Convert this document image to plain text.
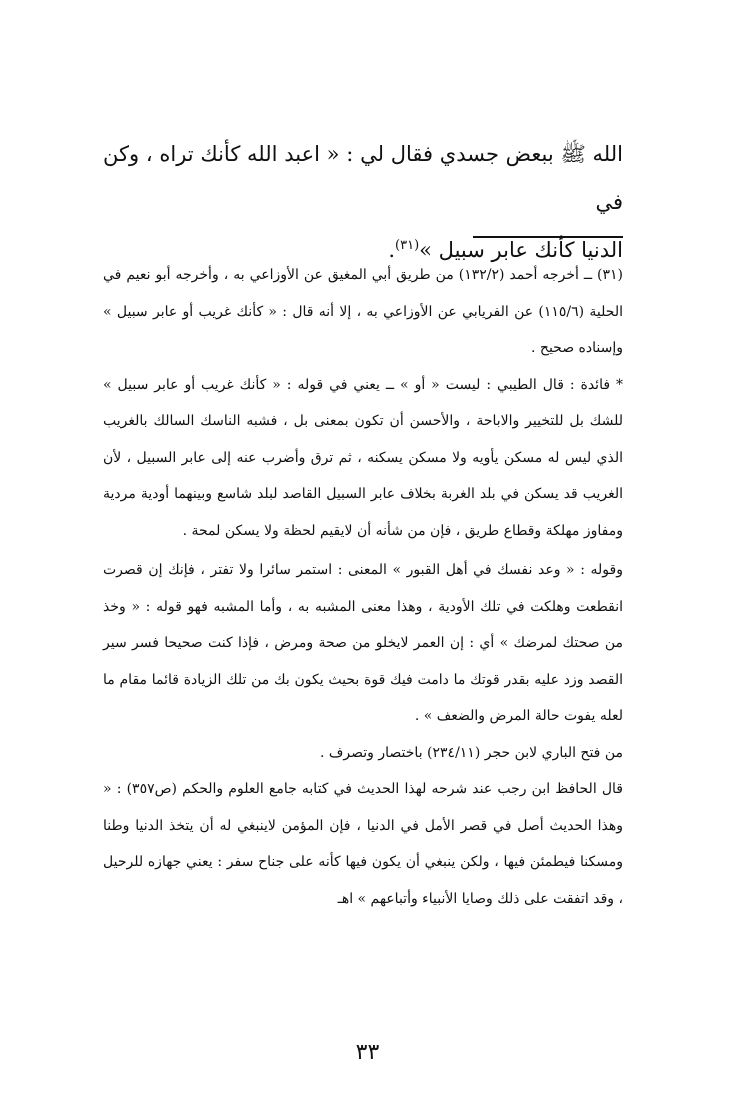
الله ﷺ ببعض جسدي فقال لي : « اعبد الله كأنك تراه ، وكن في
الدنيا كأنك عابر سبيل »$^{(٣١)}$.

(٣١) ــ أخرجه أحمد (١٣٢/٢) من طريق أبي المغيق عن الأوزاعي به ، وأخرجه أبو نعيم في الحلية (١١٥/٦) عن الفريابي عن الأوزاعي به ، إلا أنه قال : « كأنك غريب أو عابر سبيل » وإسناده صحيح .

* فائدة : قال الطيبي : ليست « أو » ــ يعني في قوله : « كأنك غريب أو عابر سبيل » للشك بل للتخيير والاباحة ، والأحسن أن تكون بمعنى بل ، فشبه الناسك السالك بالغريب الذي ليس له مسكن يأويه ولا مسكن يسكنه ، ثم ترق وأضرب عنه إلى عابر السبيل ، لأن الغريب قد يسكن في بلد الغربة بخلاف عابر السبيل القاصد لبلد شاسع وبينهما أودية مردية ومفاوز مهلكة وقطاع طريق ، فإن من شأنه أن لايقيم لحظة ولا يسكن لمحة .

وقوله : « وعد نفسك في أهل القبور » المعنى : استمر سائرا ولا تفتر ، فإنك إن قصرت انقطعت وهلكت في تلك الأودية ، وهذا معنى المشبه به ، وأما المشبه فهو قوله : « وخذ من صحتك لمرضك » أي : إن العمر لايخلو من صحة ومرض ، فإذا كنت صحيحا فسر سير القصد وزد عليه بقدر قوتك ما دامت فيك قوة بحيث يكون بك من تلك الزيادة قائما مقام ما لعله يفوت حالة المرض والضعف » .

من فتح الباري لابن حجر (٢٣٤/١١) باختصار وتصرف .

قال الحافظ ابن رجب عند شرحه لهذا الحديث في كتابه جامع العلوم والحكم (ص٣٥٧) : « وهذا الحديث أصل في قصر الأمل في الدنيا ، فإن المؤمن لاينبغي له أن يتخذ الدنيا وطنا ومسكنا فيطمئن فيها ، ولكن ينبغي أن يكون فيها كأنه على جناح سفر : يعني جهازه للرحيل ، وقد اتفقت على ذلك وصايا الأنبياء وأتباعهم » اهـ

٣٣
